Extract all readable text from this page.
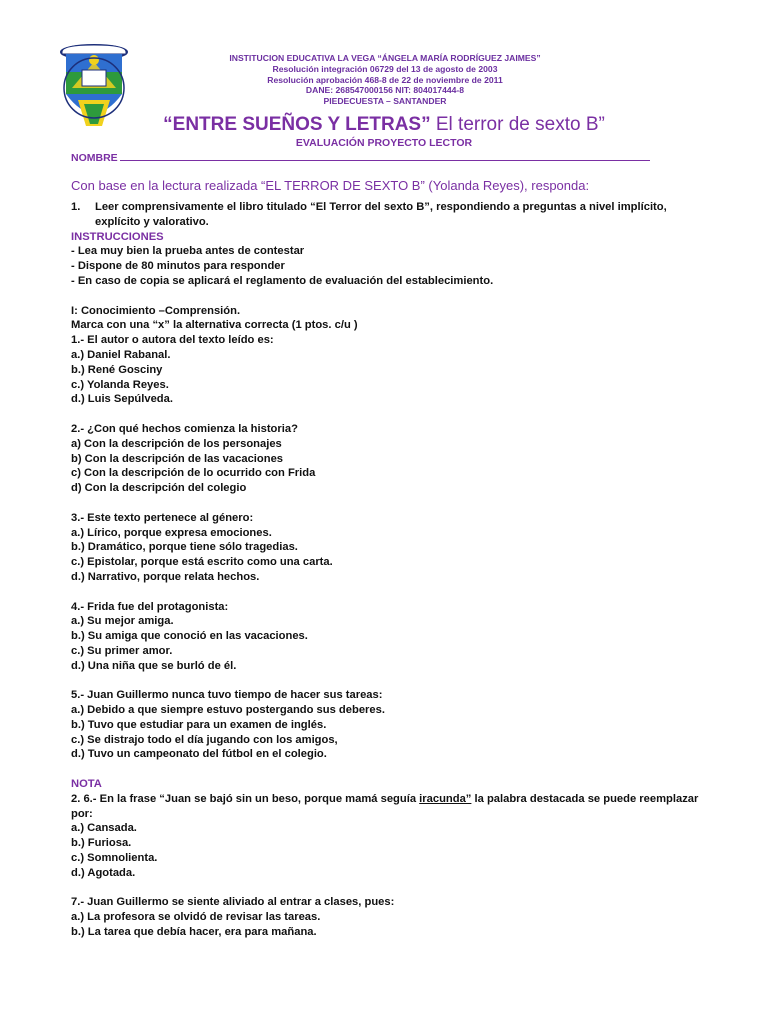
INSTITUCION EDUCATIVA LA VEGA “ÁNGELA MARÍA RODRÍGUEZ JAIMES”
Resolución integración 06729 del 13 de agosto de 2003
Resolución aprobación 468-8 de 22 de noviembre de 2011
DANE: 268547000156 NIT: 804017444-8
PIEDECUESTA – SANTANDER
“ENTRE SUEÑOS Y LETRAS” El terror de sexto B”
EVALUACIÓN PROYECTO LECTOR
NOMBRE
Con base en la lectura realizada “EL TERROR DE SEXTO B” (Yolanda Reyes), responda:
1.	Leer comprensivamente el libro titulado “El Terror del sexto B”, respondiendo a preguntas a nivel implícito, explícito y valorativo.
INSTRUCCIONES
- Lea muy bien la prueba antes de contestar
- Dispone de 80 minutos para responder
- En caso de copia se aplicará el reglamento de evaluación del establecimiento.
I: Conocimiento –Comprensión.
Marca con una “x” la alternativa correcta (1 ptos. c/u )
1.- El autor o autora del texto leído es:
a.) Daniel Rabanal.
b.) René Gosciny
c.) Yolanda Reyes.
d.) Luis Sepúlveda.
2.- ¿Con qué hechos comienza la historia?
a) Con la descripción de los personajes
b) Con la descripción de las vacaciones
c) Con la descripción de lo ocurrido con Frida
d) Con la descripción del colegio
3.- Este texto pertenece al género:
a.) Lírico, porque expresa emociones.
b.) Dramático, porque tiene sólo tragedias.
c.) Epistolar, porque está escrito como una carta.
d.) Narrativo, porque relata hechos.
4.- Frida fue del protagonista:
a.) Su mejor amiga.
b.) Su amiga que conoció en las vacaciones.
c.) Su primer amor.
d.) Una niña que se burló de él.
5.- Juan Guillermo nunca tuvo tiempo de hacer sus tareas:
a.) Debido a que siempre estuvo postergando sus deberes.
b.) Tuvo que estudiar para un examen de inglés.
c.) Se distrajo todo el día jugando con los amigos,
d.) Tuvo un campeonato del fútbol en el colegio.
NOTA
2. 6.- En la frase “Juan se bajó sin un beso, porque mamá seguía iracunda” la palabra destacada se puede reemplazar por:
a.) Cansada.
b.) Furiosa.
c.) Somnolienta.
d.) Agotada.
7.- Juan Guillermo se siente aliviado al entrar a clases, pues:
a.) La profesora se olvidó de revisar las tareas.
b.) La tarea que debía hacer, era para mañana.
